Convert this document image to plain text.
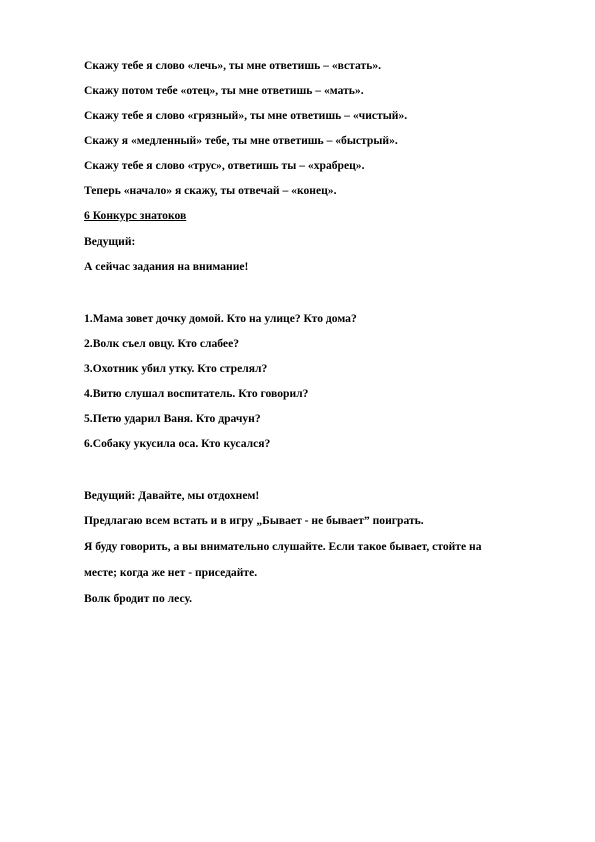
Скажу тебе я слово «лечь», ты мне ответишь – «встать».
Скажу потом тебе «отец», ты мне ответишь – «мать».
Скажу тебе я слово «грязный», ты мне ответишь – «чистый».
Скажу я «медленный» тебе, ты мне ответишь – «быстрый».
Скажу тебе я слово «трус», ответишь ты – «храбрец».
Теперь «начало» я скажу, ты отвечай – «конец».
6 Конкурс знатоков
Ведущий:
А сейчас задания на внимание!
1.Мама зовет дочку домой. Кто на улице? Кто дома?
2.Волк съел овцу. Кто слабее?
3.Охотник убил утку. Кто стрелял?
4.Витю слушал воспитатель. Кто говорил?
5.Петю ударил Ваня. Кто драчун?
6.Собаку укусила оса. Кто кусался?
Ведущий: Давайте, мы отдохнем!
Предлагаю всем встать и в игру „Бывает - не бывает” поиграть.
Я буду говорить, а вы внимательно слушайте. Если такое бывает, стойте на
месте; когда же нет - приседайте.
Волк бродит по лесу.
